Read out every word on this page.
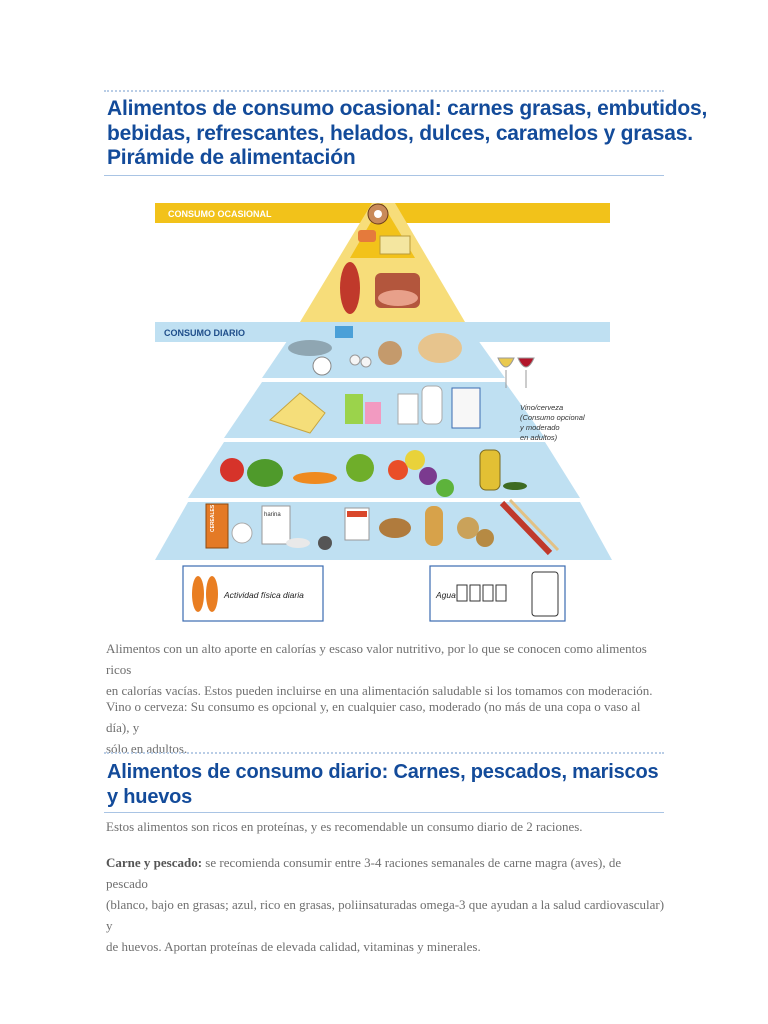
Alimentos de consumo ocasional: carnes grasas, embutidos,
bebidas, refrescantes, helados, dulces, caramelos y grasas.
Pirámide de alimentación
CONSUMO OCASIONAL
CONSUMO DIARIO
Vino/cerveza
(Consumo opcional
y moderado
en adultos)
CEREALES	harina
Actividad física diaria	Agua

Alimentos con un alto aporte en calorías y escaso valor nutritivo, por lo que se conocen como alimentos ricos
en calorías vacías. Estos pueden incluirse en una alimentación saludable si los tomamos con moderación.

Vino o cerveza: Su consumo es opcional y, en cualquier caso, moderado (no más de una copa o vaso al día), y
sólo en adultos.

Alimentos de consumo diario: Carnes, pescados, mariscos
y huevos

Estos alimentos son ricos en proteínas, y es recomendable un consumo diario de 2 raciones.

Carne y pescado: se recomienda consumir entre 3-4 raciones semanales de carne magra (aves), de pescado
(blanco, bajo en grasas; azul, rico en grasas, poliinsaturadas omega-3 que ayudan a la salud cardiovascular) y
de huevos. Aportan proteínas de elevada calidad, vitaminas y minerales.
